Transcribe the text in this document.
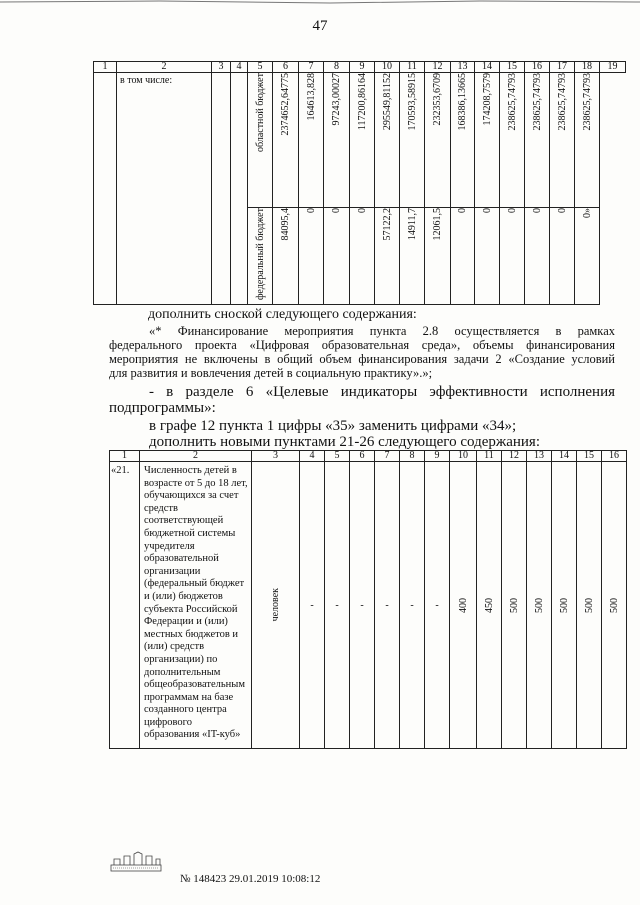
47
1	2	3	4	5	6	7	8	9	10	11	12	13	14	15	16	17	18	19
	в том числе:			областной бюджет	2374652,64775	164613,828	97243,00027	117200,86164	295549,81152	170593,58915	232353,6709	168386,13665	174208,7579	238625,74793	238625,74793	238625,74793	238625,74793	

				федеральный бюджет	84095,4	0	0	0	57122,2	14911,7	12061,5	0	0	0	0	0	0»	
дополнить сноской следующего содержания:
«* Финансирование мероприятия пункта 2.8 осуществляется в рамках
федерального проекта «Цифровая образовательная среда», объемы финансирования
мероприятия не включены в общий объем финансирования задачи 2 «Создание условий
для развития и вовлечения детей в социальную практику».»;
- в разделе 6 «Целевые индикаторы эффективности исполнения
подпрограммы»:
в графе 12 пункта 1 цифры «35» заменить цифрами «34»;
дополнить новыми пунктами 21-26 следующего содержания:
1	2	3	4	5	6	7	8	9	10	11	12	13	14	15	16
«21.	Численность детей в возрасте от 5 до 18 лет, обучающихся за счет средств соответствующей бюджетной системы учредителя образовательной организации (федеральный бюджет и (или) бюджетов субъекта Российской Федерации и (или) местных бюджетов и (или) средств организации) по дополнительным общеобразовательным программам на базе созданного центра цифрового образования «IT-куб»	человек	-	-	-	-	-	-	400	450	500	500	500	500	500
№ 148423 29.01.2019 10:08:12
